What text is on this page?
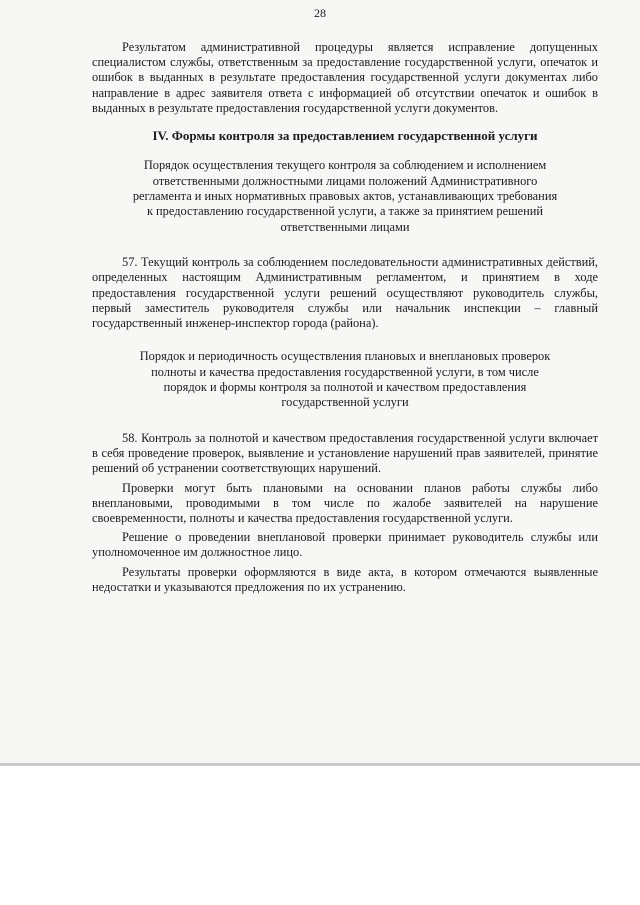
28

Результатом административной процедуры является исправление допущенных специалистом службы, ответственным за предоставление государственной услуги, опечаток и ошибок в выданных в результате предоставления государственной услуги документах либо направление в адрес заявителя ответа с информацией об отсутствии опечаток и ошибок в выданных в результате предоставления государственной услуги документов.

IV. Формы контроля за предоставлением государственной услуги

Порядок осуществления текущего контроля за соблюдением и исполнением ответственными должностными лицами положений Административного регламента и иных нормативных правовых актов, устанавливающих требования к предоставлению государственной услуги, а также за принятием решений ответственными лицами

57. Текущий контроль за соблюдением последовательности административных действий, определенных настоящим Административным регламентом, и принятием в ходе предоставления государственной услуги решений осуществляют руководитель службы, первый заместитель руководителя службы или начальник инспекции – главный государственный инженер-инспектор города (района).

Порядок и периодичность осуществления плановых и внеплановых проверок полноты и качества предоставления государственной услуги, в том числе порядок и формы контроля за полнотой и качеством предоставления государственной услуги

58. Контроль за полнотой и качеством предоставления государственной услуги включает в себя проведение проверок, выявление и установление нарушений прав заявителей, принятие решений об устранении соответствующих нарушений.

Проверки могут быть плановыми на основании планов работы службы либо внеплановыми, проводимыми в том числе по жалобе заявителей на нарушение своевременности, полноты и качества предоставления государственной услуги.

Решение о проведении внеплановой проверки принимает руководитель службы или уполномоченное им должностное лицо.

Результаты проверки оформляются в виде акта, в котором отмечаются выявленные недостатки и указываются предложения по их устранению.
